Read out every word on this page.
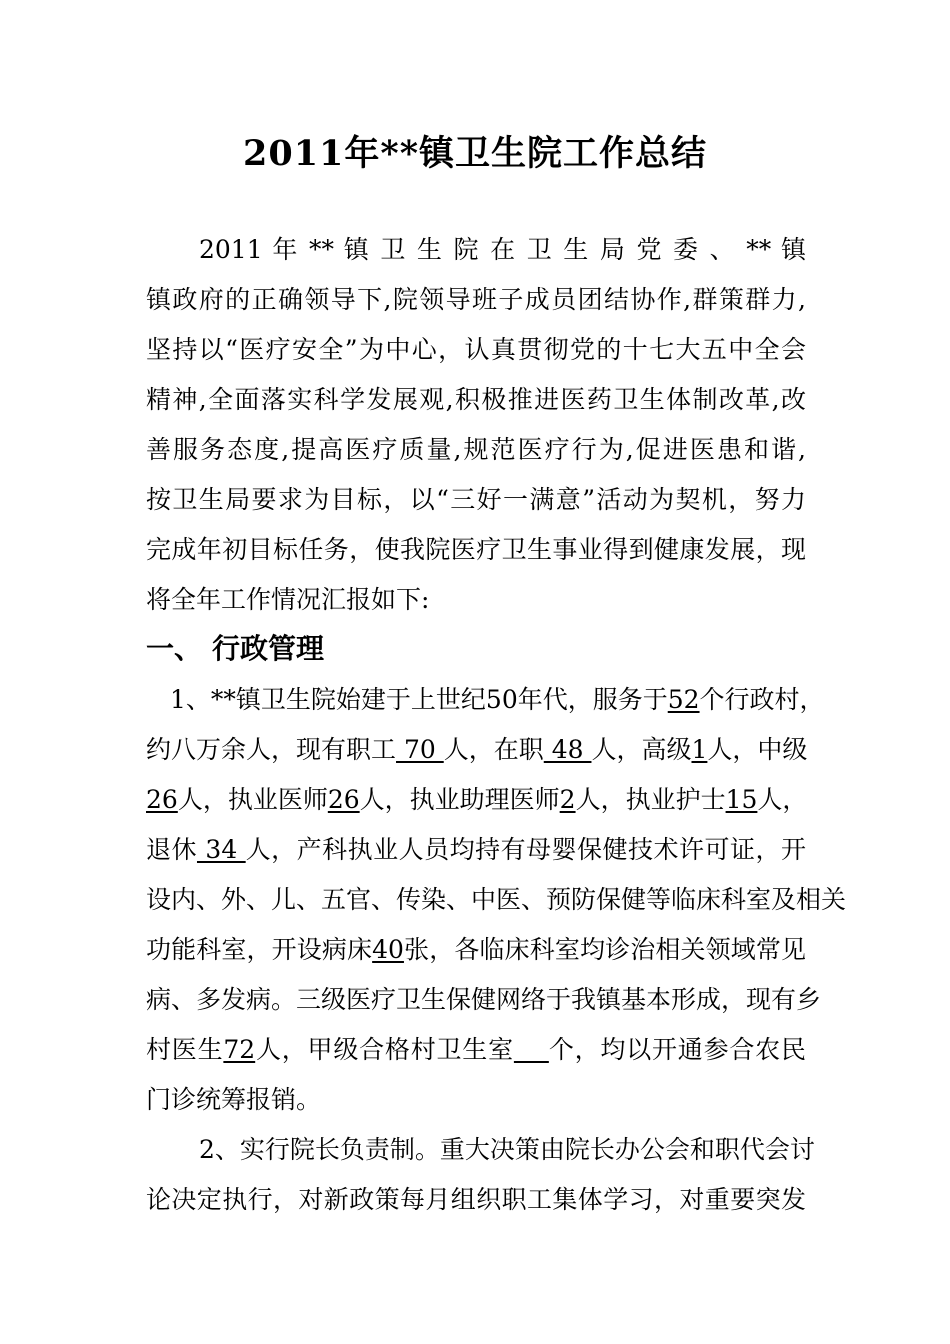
2011年**镇卫生院工作总结
2011 年 ** 镇 卫 生 院 在 卫 生 局 党 委 、 ** 镇
镇政府的正确领导下,院领导班子成员团结协作,群策群力,
坚持以“医疗安全”为中心，认真贯彻党的十七大五中全会
精神,全面落实科学发展观,积极推进医药卫生体制改革,改
善服务态度,提高医疗质量,规范医疗行为,促进医患和谐,
按卫生局要求为目标，以“三好一满意”活动为契机，努力
完成年初目标任务，使我院医疗卫生事业得到健康发展，现
将全年工作情况汇报如下:
一、 行政管理
1、**镇卫生院始建于上世纪50年代，服务于52个行政村，
约八万余人，现有职工 70 人，在职 48 人，高级1人，中级
26人，执业医师26人，执业助理医师2人，执业护士15人，
退休 34 人，产科执业人员均持有母婴保健技术许可证，开
设内、外、儿、五官、传染、中医、预防保健等临床科室及相关
功能科室，开设病床40张，各临床科室均诊治相关领域常见
病、多发病。三级医疗卫生保健网络于我镇基本形成，现有乡
村医生72人，甲级合格村卫生室 个，均以开通参合农民
门诊统筹报销。
2、实行院长负责制。重大决策由院长办公会和职代会讨
论决定执行，对新政策每月组织职工集体学习，对重要突发
